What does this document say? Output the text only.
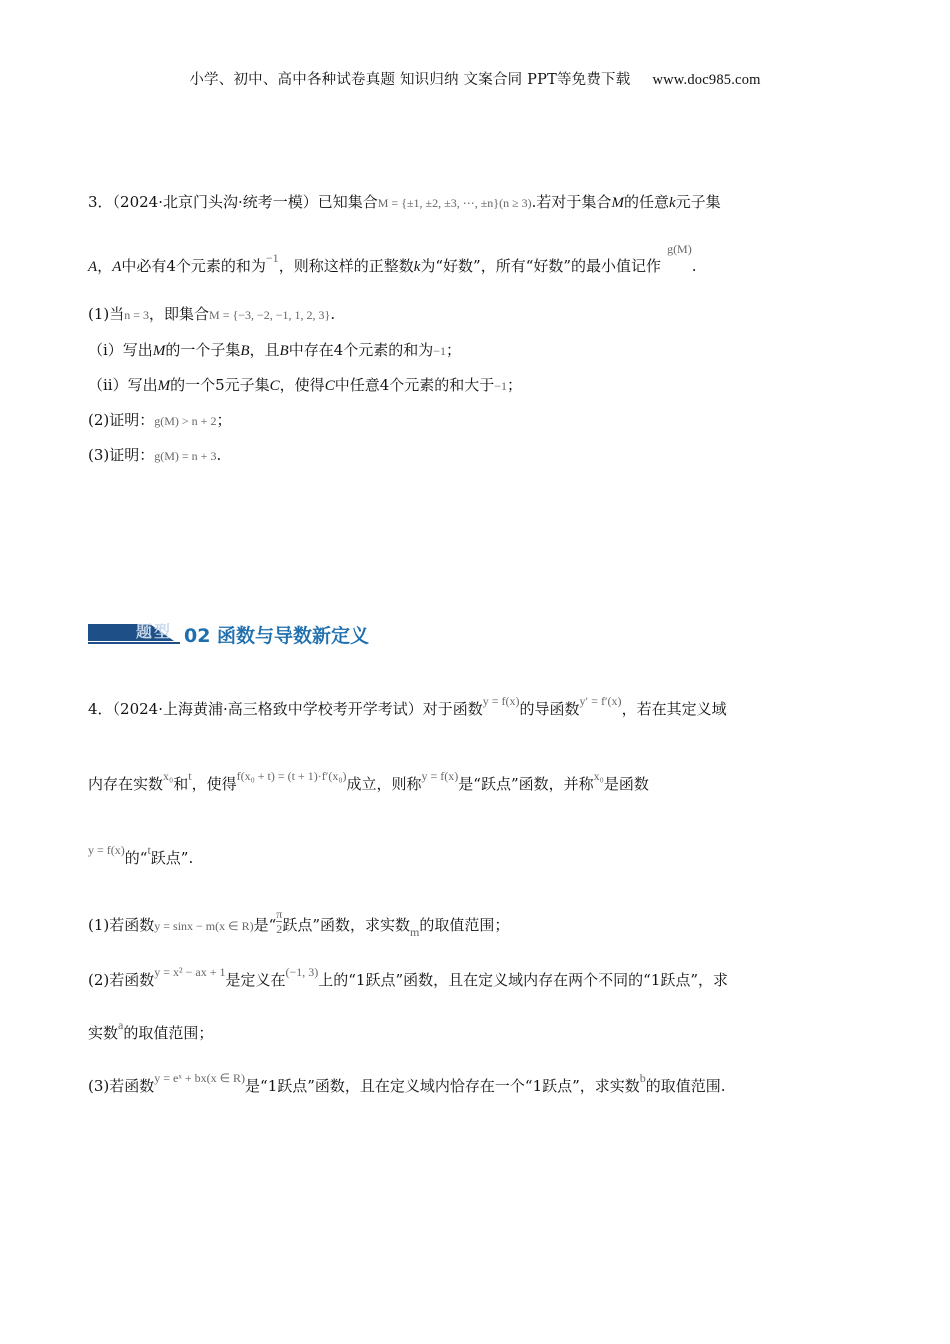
小学、初中、高中各种试卷真题 知识归纳 文案合同 PPT等免费下载 www.doc985.com
3．（2024·北京门头沟·统考一模）已知集合M = {±1, ±2, ±3, ⋯, ±n}(n ≥ 3).若对于集合M的任意k元子集
A，A中必有4个元素的和为−1，则称这样的正整数k为“好数”，所有“好数”的最小值记作g(M).
(1)当n = 3，即集合M = {−3, −2, −1, 1, 2, 3}.
（i）写出M的一个子集B，且B中存在4个元素的和为−1；
（ii）写出M的一个5元子集C，使得C中任意4个元素的和大于−1；
(2)证明：g(M) > n + 2；
(3)证明：g(M) = n + 3.
题型 02 函数与导数新定义
4．（2024·上海黄浦·高三格致中学校考开学考试）对于函数y = f(x)的导函数y′ = f′(x)，若在其定义域
内存在实数x₀和t，使得f(x₀ + t) = (t + 1)·f′(x₀)成立，则称y = f(x)是“跃点”函数，并称x₀是函数
y = f(x)的“t跃点”.
(1)若函数y = sinx − m(x ∈ R)是“ $\frac{\pi}{2}$ 跃点”函数，求实数m的取值范围；
(2)若函数y = x² − ax + 1是定义在(−1, 3)上的“1跃点”函数，且在定义域内存在两个不同的“1跃点”，求
实数a的取值范围；
(3)若函数y = eˣ + bx(x ∈ R)是“1跃点”函数，且在定义域内恰存在一个“1跃点”，求实数b的取值范围.
